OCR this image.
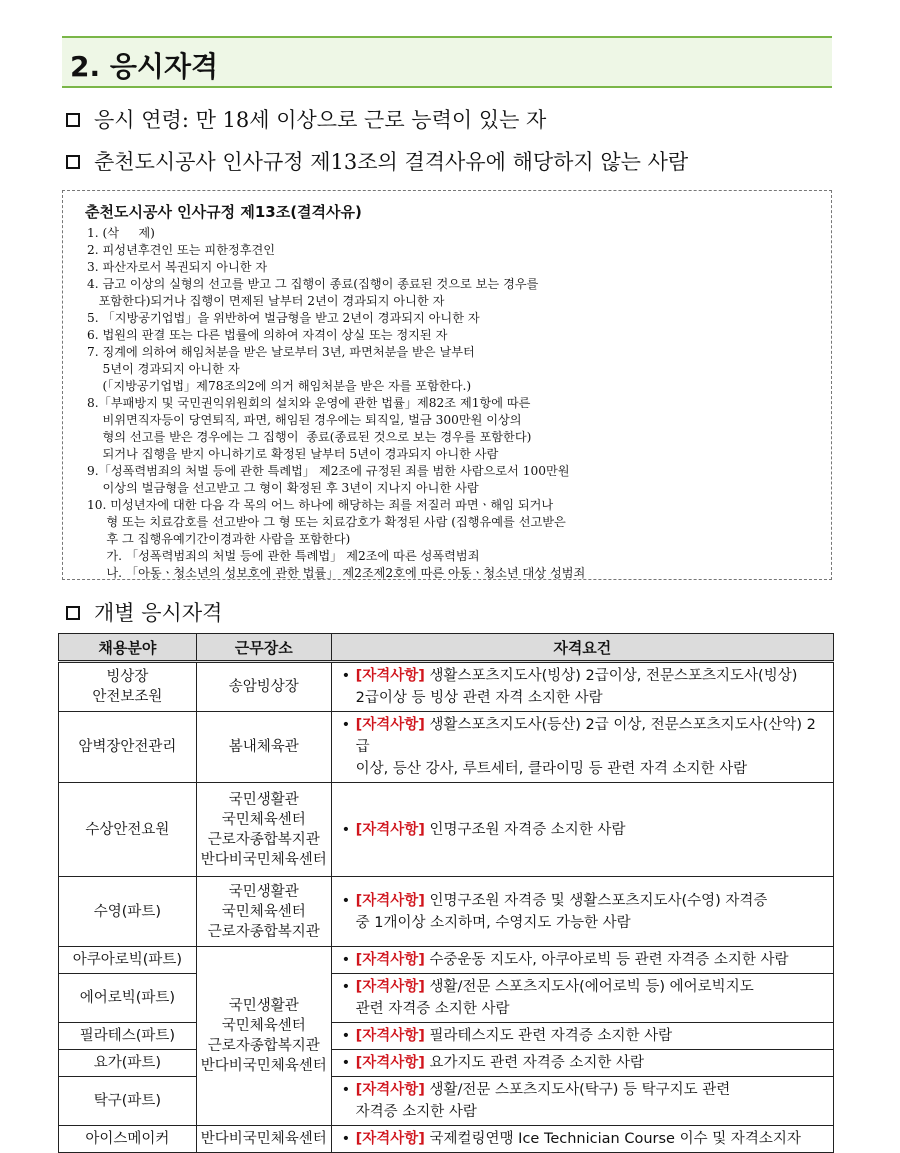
2. 응시자격
응시 연령: 만 18세 이상으로 근로 능력이 있는 자
춘천도시공사 인사규정 제13조의 결격사유에 해당하지 않는 사람
춘천도시공사 인사규정 제13조(결격사유)
1. (삭     제)
2. 피성년후견인 또는 피한정후견인
3. 파산자로서 복권되지 아니한 자
4. 금고 이상의 실형의 선고를 받고 그 집행이 종료(집행이 종료된 것으로 보는 경우를
포함한다)되거나 집행이 면제된 날부터 2년이 경과되지 아니한 자
5. 「지방공기업법」을 위반하여 벌금형을 받고 2년이 경과되지 아니한 자
6. 법원의 판결 또는 다른 법률에 의하여 자격이 상실 또는 정지된 자
7. 징계에 의하여 해임처분을 받은 날로부터 3년, 파면처분을 받은 날부터
5년이 경과되지 아니한 자
(「지방공기업법」제78조의2에 의거 해임처분을 받은 자를 포함한다.)
8.「부패방지 및 국민권익위원회의 설치와 운영에 관한 법률」제82조 제1항에 따른
비위면직자등이 당연퇴직, 파면, 해임된 경우에는 퇴직일, 벌금 300만원 이상의
형의 선고를 받은 경우에는 그 집행이  종료(종료된 것으로 보는 경우를 포함한다)
되거나 집행을 받지 아니하기로 확정된 날부터 5년이 경과되지 아니한 사람
9.「성폭력범죄의 처벌 등에 관한 특례법」 제2조에 규정된 죄를 범한 사람으로서 100만원
이상의 벌금형을 선고받고 그 형이 확정된 후 3년이 지나지 아니한 사람
10. 미성년자에 대한 다음 각 목의 어느 하나에 해당하는 죄를 저질러 파면ㆍ해임 되거나
형 또는 치료감호를 선고받아 그 형 또는 치료감호가 확정된 사람 (집행유예를 선고받은
후 그 집행유예기간이경과한 사람을 포함한다)
가. 「성폭력범죄의 처벌 등에 관한 특례법」 제2조에 따른 성폭력범죄
나. 「아동ㆍ청소년의 성보호에 관한 법률」 제2조제2호에 따른 아동ㆍ청소년 대상 성범죄
개별 응시자격
채용분야	근무장소	자격요건
빙상장
안전보조원	송암빙상장	• [자격사항] 생활스포츠지도사(빙상) 2급이상, 전문스포츠지도사(빙상)
2급이상 등 빙상 관련 자격 소지한 사람

암벽장안전관리	봄내체육관	• [자격사항] 생활스포츠지도사(등산) 2급 이상, 전문스포츠지도사(산악) 2급
이상, 등산 강사, 루트세터, 클라이밍 등 관련 자격 소지한 사람

수상안전요원	국민생활관
국민체육센터
근로자종합복지관
반다비국민체육센터	• [자격사항] 인명구조원 자격증 소지한 사람

수영(파트)	국민생활관
국민체육센터
근로자종합복지관	• [자격사항] 인명구조원 자격증 및 생활스포츠지도사(수영) 자격증
중 1개이상 소지하며, 수영지도 가능한 사람

아쿠아로빅(파트)	국민생활관
국민체육센터
근로자종합복지관
반다비국민체육센터	• [자격사항] 수중운동 지도사, 아쿠아로빅 등 관련 자격증 소지한 사람

에어로빅(파트)		• [자격사항] 생활/전문 스포츠지도사(에어로빅 등) 에어로빅지도
관련 자격증 소지한 사람

필라테스(파트)		• [자격사항] 필라테스지도 관련 자격증 소지한 사람

요가(파트)		• [자격사항] 요가지도 관련 자격증 소지한 사람

탁구(파트)		• [자격사항] 생활/전문 스포츠지도사(탁구) 등 탁구지도 관련
자격증 소지한 사람

아이스메이커	반다비국민체육센터	• [자격사항] 국제컬링연맹 Ice Technician Course 이수 및 자격소지자
